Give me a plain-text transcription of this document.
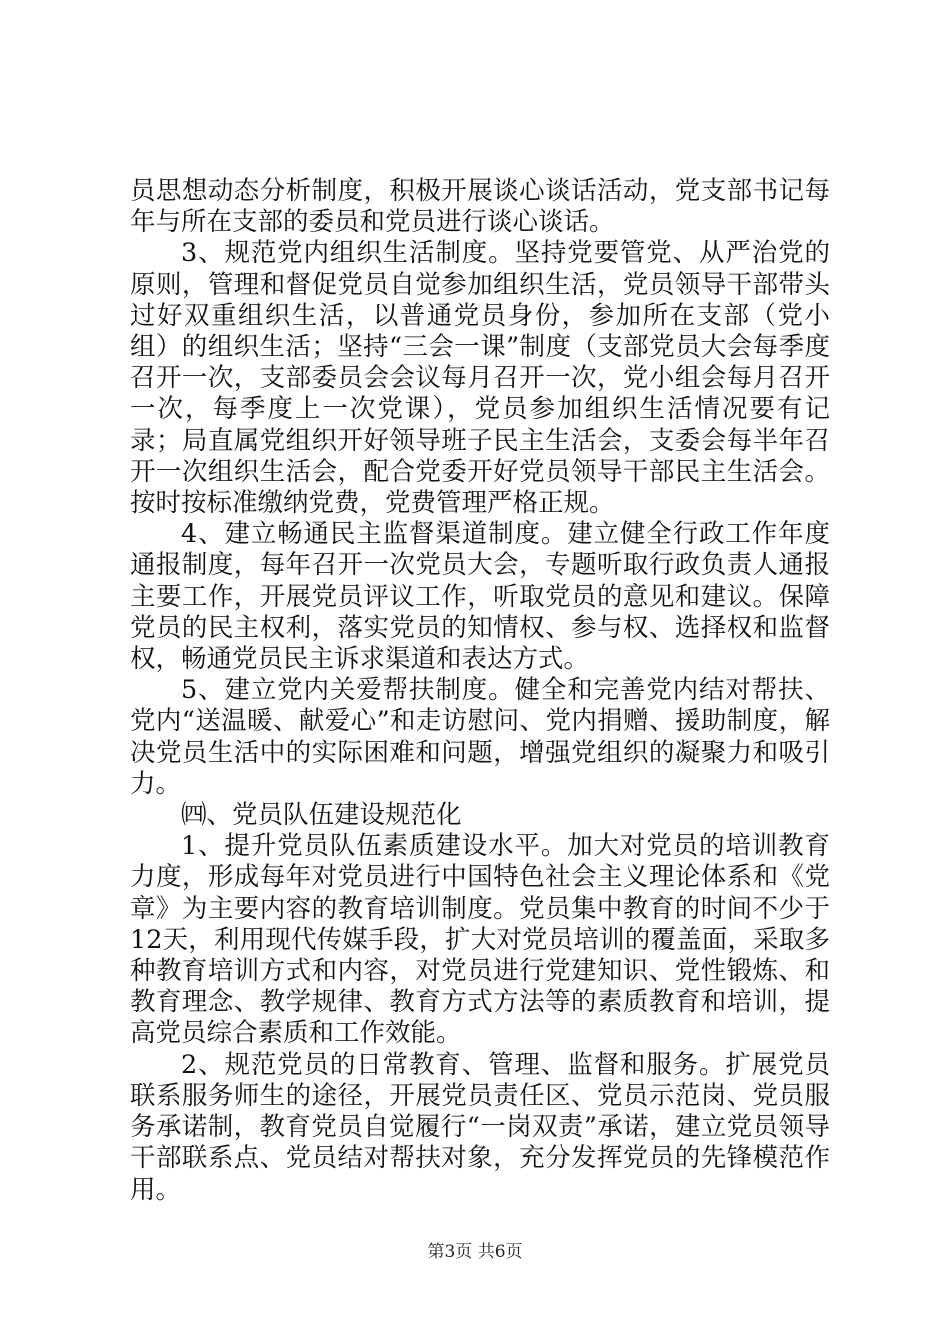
员思想动态分析制度，积极开展谈心谈话活动，党支部书记每年与所在支部的委员和党员进行谈心谈话。

3、规范党内组织生活制度。坚持党要管党、从严治党的原则，管理和督促党员自觉参加组织生活，党员领导干部带头过好双重组织生活，以普通党员身份，参加所在支部（党小组）的组织生活；坚持“三会一课”制度（支部党员大会每季度召开一次，支部委员会会议每月召开一次，党小组会每月召开一次，每季度上一次党课），党员参加组织生活情况要有记录；局直属党组织开好领导班子民主生活会，支委会每半年召开一次组织生活会，配合党委开好党员领导干部民主生活会。按时按标准缴纳党费，党费管理严格正规。

4、建立畅通民主监督渠道制度。建立健全行政工作年度通报制度，每年召开一次党员大会，专题听取行政负责人通报主要工作，开展党员评议工作，听取党员的意见和建议。保障党员的民主权利，落实党员的知情权、参与权、选择权和监督权，畅通党员民主诉求渠道和表达方式。

5、建立党内关爱帮扶制度。健全和完善党内结对帮扶、党内“送温暖、献爱心”和走访慰问、党内捐赠、援助制度，解决党员生活中的实际困难和问题，增强党组织的凝聚力和吸引力。

㈣、党员队伍建设规范化

1、提升党员队伍素质建设水平。加大对党员的培训教育力度，形成每年对党员进行中国特色社会主义理论体系和《党章》为主要内容的教育培训制度。党员集中教育的时间不少于12天，利用现代传媒手段，扩大对党员培训的覆盖面，采取多种教育培训方式和内容，对党员进行党建知识、党性锻炼、和教育理念、教学规律、教育方式方法等的素质教育和培训，提高党员综合素质和工作效能。

2、规范党员的日常教育、管理、监督和服务。扩展党员联系服务师生的途径，开展党员责任区、党员示范岗、党员服务承诺制，教育党员自觉履行“一岗双责”承诺，建立党员领导干部联系点、党员结对帮扶对象，充分发挥党员的先锋模范作用。

第3页 共6页
